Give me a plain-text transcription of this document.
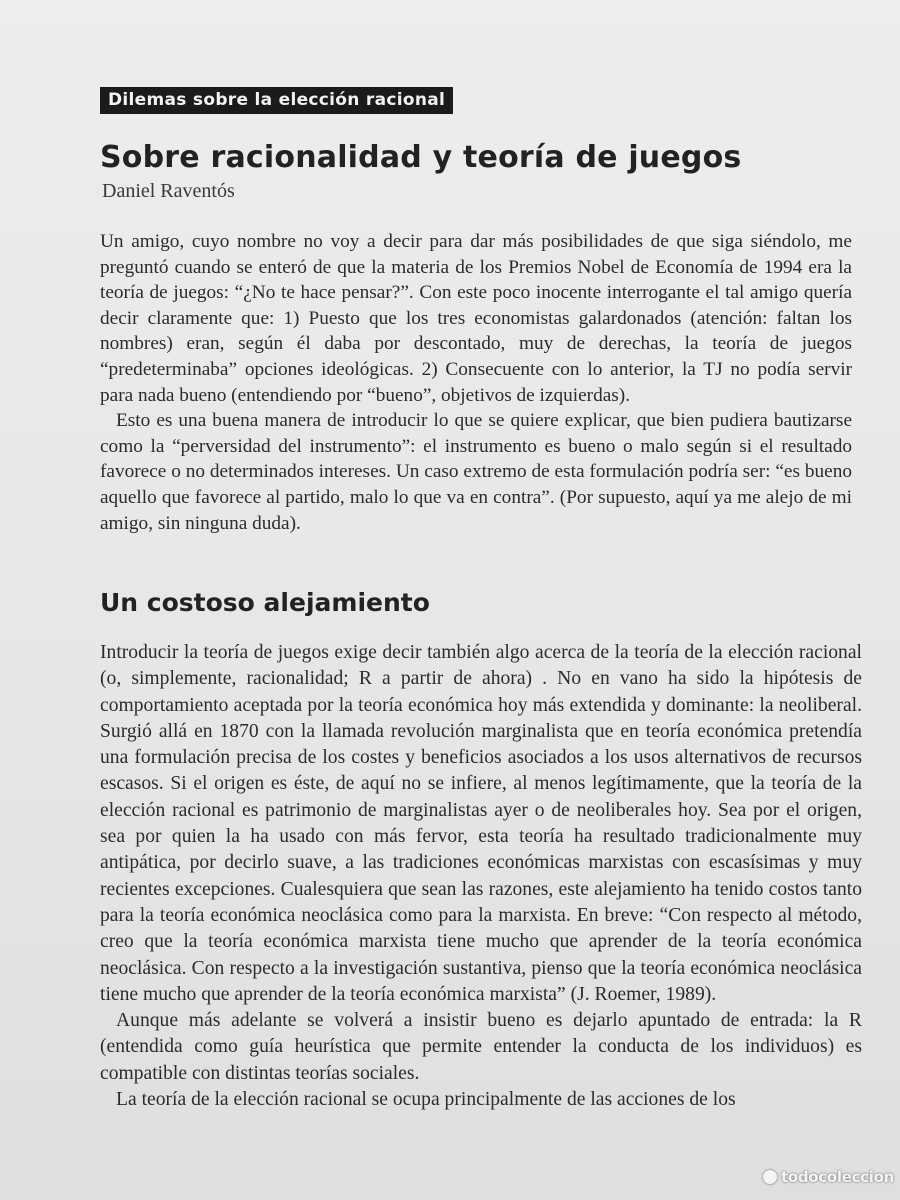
Dilemas sobre la elección racional
Sobre racionalidad y teoría de juegos
Daniel Raventós

Un amigo, cuyo nombre no voy a decir para dar más posibilidades de que siga siéndolo, me preguntó cuando se enteró de que la materia de los Premios Nobel de Economía de 1994 era la teoría de juegos: “¿No te hace pensar?”. Con este poco inocente interrogante el tal amigo quería decir claramente que: 1) Puesto que los tres economistas galardonados (atención: faltan los nombres) eran, según él daba por descontado, muy de derechas, la teoría de juegos “predeterminaba” opciones ideológicas. 2) Consecuente con lo anterior, la TJ no podía servir para nada bueno (entendiendo por “bueno”, objetivos de izquierdas).

Esto es una buena manera de introducir lo que se quiere explicar, que bien pudiera bautizarse como la “perversidad del instrumento”: el instrumento es bueno o malo según si el resultado favorece o no determinados intereses. Un caso extremo de esta formulación podría ser: “es bueno aquello que favorece al partido, malo lo que va en contra”. (Por supuesto, aquí ya me alejo de mi amigo, sin ninguna duda).

Un costoso alejamiento

Introducir la teoría de juegos exige decir también algo acerca de la teoría de la elección racional (o, simplemente, racionalidad; R a partir de ahora) . No en vano ha sido la hipótesis de comportamiento aceptada por la teoría económica hoy más extendida y dominante: la neoliberal. Surgió allá en 1870 con la llamada revolución marginalista que en teoría económica pretendía una formulación precisa de los costes y beneficios asociados a los usos alternativos de recursos escasos. Si el origen es éste, de aquí no se infiere, al menos legítimamente, que la teoría de la elección racional es patrimonio de marginalistas ayer o de neoliberales hoy. Sea por el origen, sea por quien la ha usado con más fervor, esta teoría ha resultado tradicionalmente muy antipática, por decirlo suave, a las tradiciones económicas marxistas con escasísimas y muy recientes excepciones. Cualesquiera que sean las razones, este alejamiento ha tenido costos tanto para la teoría económica neoclásica como para la marxista. En breve: “Con respecto al método, creo que la teoría económica marxista tiene mucho que aprender de la teoría económica neoclásica. Con respecto a la investigación sustantiva, pienso que la teoría económica neoclásica tiene mucho que aprender de la teoría económica marxista” (J. Roemer, 1989).

Aunque más adelante se volverá a insistir bueno es dejarlo apuntado de entrada: la R (entendida como guía heurística que permite entender la conducta de los individuos) es compatible con distintas teorías sociales.

La teoría de la elección racional se ocupa principalmente de las acciones de los

todocoleccion
